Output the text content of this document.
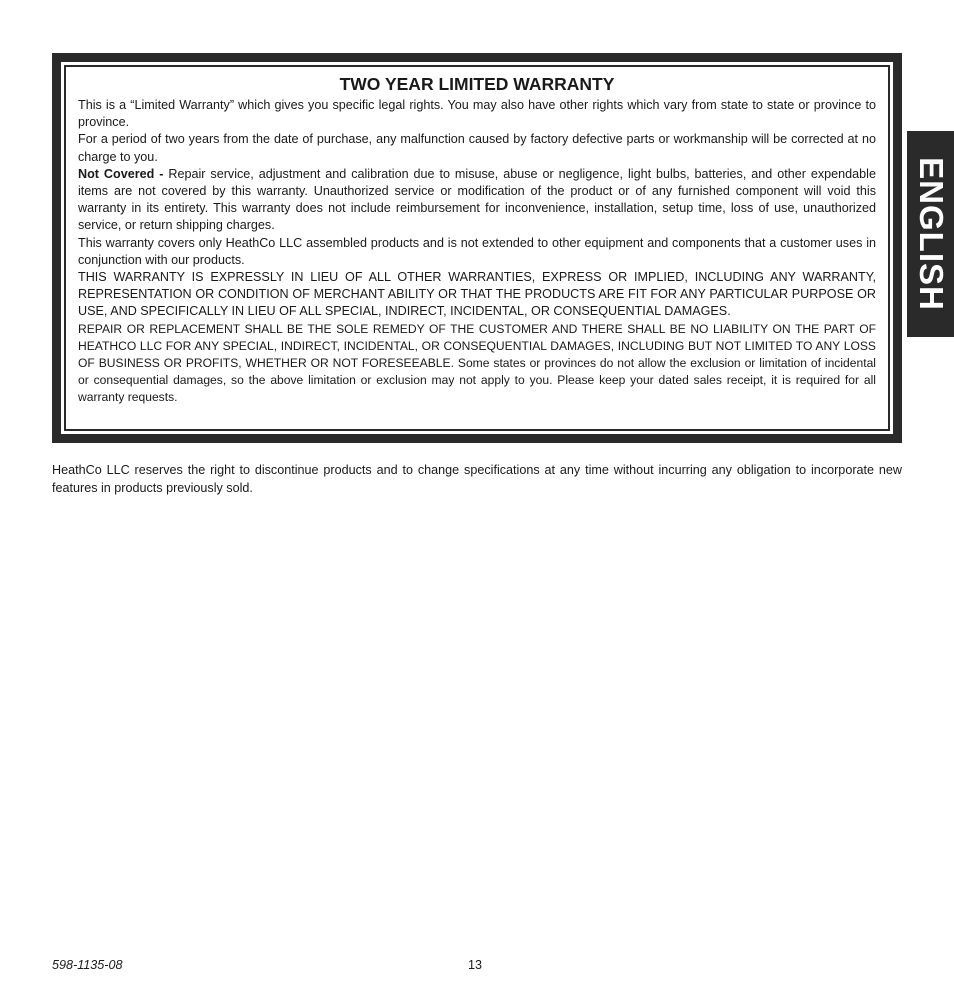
TWO YEAR LIMITED WARRANTY

This is a “Limited Warranty” which gives you specific legal rights. You may also have other rights which vary from state to state or province to province.

For a period of two years from the date of purchase, any malfunction caused by factory defective parts or workmanship will be corrected at no charge to you.

Not Covered - Repair service, adjustment and calibration due to misuse, abuse or negligence, light bulbs, batteries, and other expendable items are not covered by this warranty. Unauthorized service or modification of the product or of any furnished component will void this warranty in its entirety. This warranty does not include reimbursement for inconvenience, installation, setup time, loss of use, unauthorized service, or return shipping charges.

This warranty covers only HeathCo LLC assembled products and is not extended to other equipment and components that a customer uses in conjunction with our products.

THIS WARRANTY IS EXPRESSLY IN LIEU OF ALL OTHER WARRANTIES, EXPRESS OR IMPLIED, INCLUDING ANY WARRANTY, REPRESENTATION OR CONDITION OF MERCHANT ABILITY OR THAT THE PRODUCTS ARE FIT FOR ANY PARTICULAR PURPOSE OR USE, AND SPECIFICALLY IN LIEU OF ALL SPECIAL, INDIRECT, INCIDENTAL, OR CONSEQUENTIAL DAMAGES.

REPAIR OR REPLACEMENT SHALL BE THE SOLE REMEDY OF THE CUSTOMER AND THERE SHALL BE NO LIABILITY ON THE PART OF HEATHCO LLC FOR ANY SPECIAL, INDIRECT, INCIDENTAL, OR CONSEQUENTIAL DAMAGES, INCLUDING BUT NOT LIMITED TO ANY LOSS OF BUSINESS OR PROFITS, WHETHER OR NOT FORESEEABLE. Some states or provinces do not allow the exclusion or limitation of incidental or consequential damages, so the above limitation or exclusion may not apply to you. Please keep your dated sales receipt, it is required for all warranty requests.

ENGLISH

HeathCo LLC reserves the right to discontinue products and to change specifications at any time without incurring any obligation to incorporate new features in products previously sold.

598-1135-08	13
